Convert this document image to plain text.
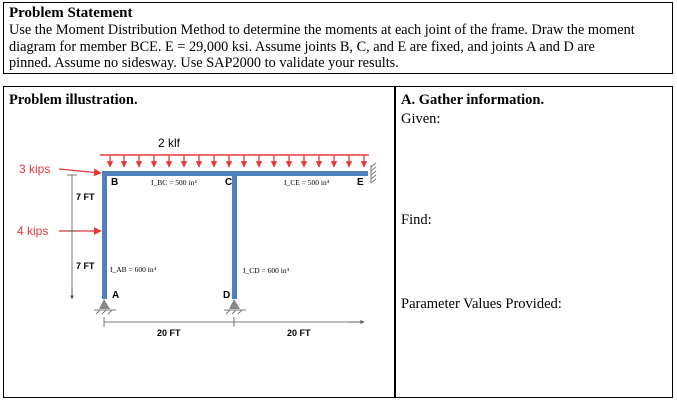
Problem Statement
Use the Moment Distribution Method to determine the moments at each joint of the frame. Draw the moment
diagram for member BCE. E = 29,000 ksi. Assume joints B, C, and E are fixed, and joints A and D are
pinned. Assume no sidesway. Use SAP2000 to validate your results.
Problem illustration.
2 klf
B	C	E
A	D
I_BC = 500 in⁴	I_CE = 500 in⁴
I_AB = 600 in⁴	I_CD = 600 in⁴
3 kips
4 kips
7 FT
7 FT
20 FT	20 FT
A. Gather information.
Given:
Find:
Parameter Values Provided:
